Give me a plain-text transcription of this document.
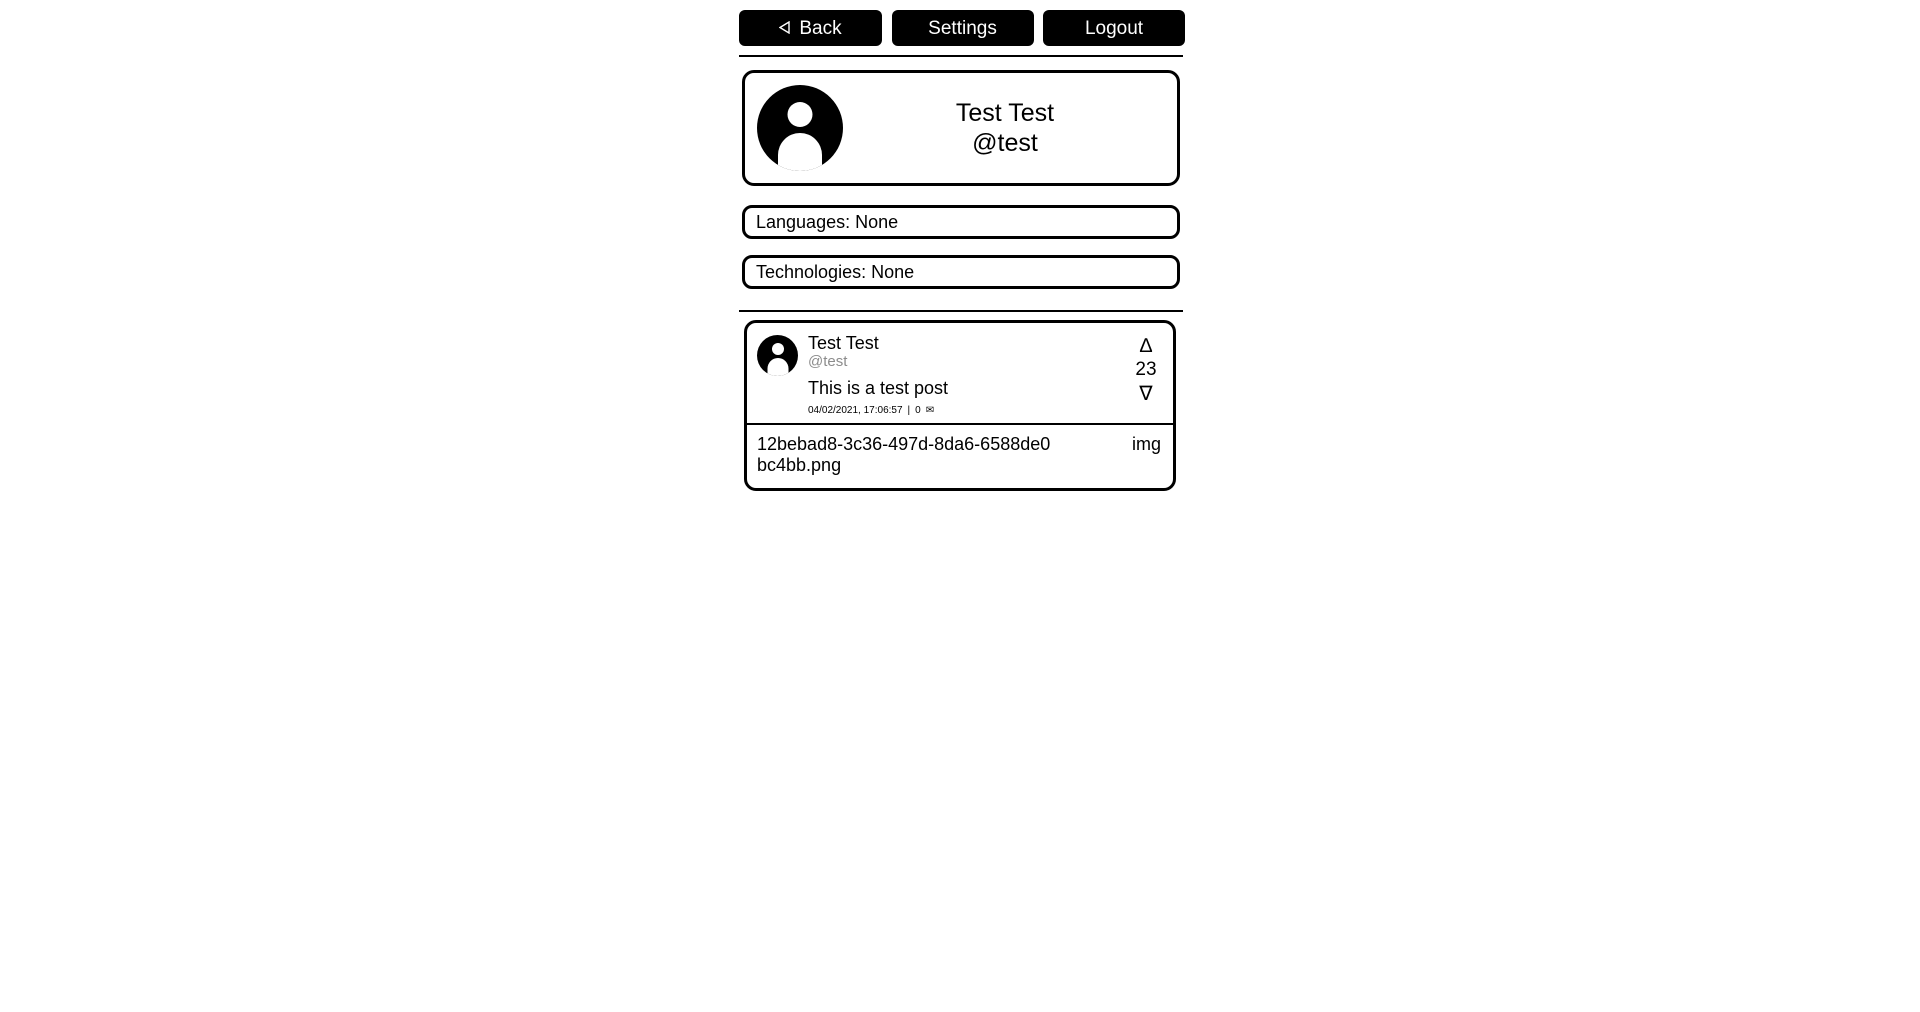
Back	Settings	Logout
Test Test
@test
Languages: None
Technologies: None
Test Test
@test
This is a test post
04/02/2021, 17:06:57 | 0 ✉
∆
23
∇
12bebad8-3c36-497d-8da6-6588de0bc4bb.png
img
